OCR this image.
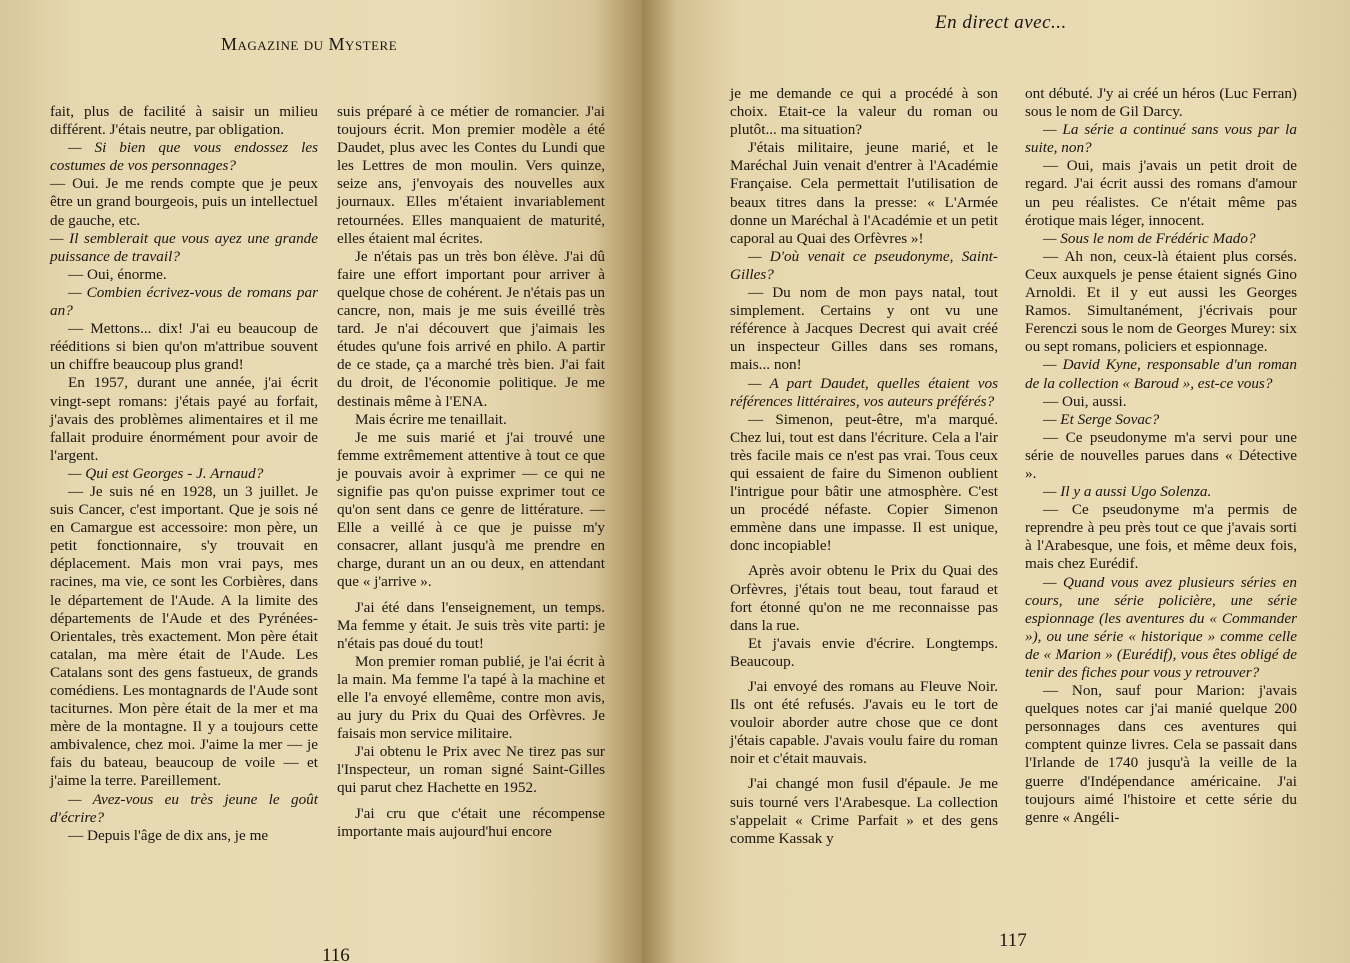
Magazine du Mystere

fait, plus de facilité à saisir un milieu différent. J'étais neutre, par obligation.

— Si bien que vous endossez les costumes de vos personnages?

— Oui. Je me rends compte que je peux être un grand bourgeois, puis un intellectuel de gauche, etc.

— Il semblerait que vous ayez une grande puissance de travail?

— Oui, énorme.

— Combien écrivez-vous de romans par an?

— Mettons... dix! J'ai eu beaucoup de rééditions si bien qu'on m'attribue souvent un chiffre beaucoup plus grand!

En 1957, durant une année, j'ai écrit vingt-sept romans: j'étais payé au forfait, j'avais des problèmes alimentaires et il me fallait produire énormément pour avoir de l'argent.

— Qui est Georges - J. Arnaud?

— Je suis né en 1928, un 3 juillet. Je suis Cancer, c'est important. Que je sois né en Camargue est accessoire: mon père, un petit fonctionnaire, s'y trouvait en déplacement. Mais mon vrai pays, mes racines, ma vie, ce sont les Corbières, dans le département de l'Aude. A la limite des départements de l'Aude et des Pyrénées-Orientales, très exactement. Mon père était catalan, ma mère était de l'Aude. Les Catalans sont des gens fastueux, de grands comédiens. Les montagnards de l'Aude sont taciturnes. Mon père était de la mer et ma mère de la montagne. Il y a toujours cette ambivalence, chez moi. J'aime la mer — je fais du bateau, beaucoup de voile — et j'aime la terre. Pareillement.

— Avez-vous eu très jeune le goût d'écrire?

— Depuis l'âge de dix ans, je me

suis préparé à ce métier de romancier. J'ai toujours écrit. Mon premier modèle a été Daudet, plus avec les Contes du Lundi que les Lettres de mon moulin. Vers quinze, seize ans, j'envoyais des nouvelles aux journaux. Elles m'étaient invariablement retournées. Elles manquaient de maturité, elles étaient mal écrites.

Je n'étais pas un très bon élève. J'ai dû faire une effort important pour arriver à quelque chose de cohérent. Je n'étais pas un cancre, non, mais je me suis éveillé très tard. Je n'ai découvert que j'aimais les études qu'une fois arrivé en philo. A partir de ce stade, ça a marché très bien. J'ai fait du droit, de l'économie politique. Je me destinais même à l'ENA.

Mais écrire me tenaillait.

Je me suis marié et j'ai trouvé une femme extrêmement attentive à tout ce que je pouvais avoir à exprimer — ce qui ne signifie pas qu'on puisse exprimer tout ce qu'on sent dans ce genre de littérature. — Elle a veillé à ce que je puisse m'y consacrer, allant jusqu'à me prendre en charge, durant un an ou deux, en attendant que « j'arrive ».

J'ai été dans l'enseignement, un temps. Ma femme y était. Je suis très vite parti: je n'étais pas doué du tout!

Mon premier roman publié, je l'ai écrit à la main. Ma femme l'a tapé à la machine et elle l'a envoyé ellemême, contre mon avis, au jury du Prix du Quai des Orfèvres. Je faisais mon service militaire.

J'ai obtenu le Prix avec Ne tirez pas sur l'Inspecteur, un roman signé Saint-Gilles qui parut chez Hachette en 1952.

J'ai cru que c'était une récompense importante mais aujourd'hui encore

116
En direct avec...

je me demande ce qui a procédé à son choix. Etait-ce la valeur du roman ou plutôt... ma situation?

J'étais militaire, jeune marié, et le Maréchal Juin venait d'entrer à l'Académie Française. Cela permettait l'utilisation de beaux titres dans la presse: « L'Armée donne un Maréchal à l'Académie et un petit caporal au Quai des Orfèvres »!

— D'où venait ce pseudonyme, Saint-Gilles?

— Du nom de mon pays natal, tout simplement. Certains y ont vu une référence à Jacques Decrest qui avait créé un inspecteur Gilles dans ses romans, mais... non!

— A part Daudet, quelles étaient vos références littéraires, vos auteurs préférés?

— Simenon, peut-être, m'a marqué. Chez lui, tout est dans l'écriture. Cela a l'air très facile mais ce n'est pas vrai. Tous ceux qui essaient de faire du Simenon oublient l'intrigue pour bâtir une atmosphère. C'est un procédé néfaste. Copier Simenon emmène dans une impasse. Il est unique, donc incopiable!

Après avoir obtenu le Prix du Quai des Orfèvres, j'étais tout beau, tout faraud et fort étonné qu'on ne me reconnaisse pas dans la rue.

Et j'avais envie d'écrire. Longtemps. Beaucoup.

J'ai envoyé des romans au Fleuve Noir. Ils ont été refusés. J'avais eu le tort de vouloir aborder autre chose que ce dont j'étais capable. J'avais voulu faire du roman noir et c'était mauvais.

J'ai changé mon fusil d'épaule. Je me suis tourné vers l'Arabesque. La collection s'appelait « Crime Parfait » et des gens comme Kassak y

ont débuté. J'y ai créé un héros (Luc Ferran) sous le nom de Gil Darcy.

— La série a continué sans vous par la suite, non?

— Oui, mais j'avais un petit droit de regard. J'ai écrit aussi des romans d'amour un peu réalistes. Ce n'était même pas érotique mais léger, innocent.

— Sous le nom de Frédéric Mado?

— Ah non, ceux-là étaient plus corsés. Ceux auxquels je pense étaient signés Gino Arnoldi. Et il y eut aussi les Georges Ramos. Simultanément, j'écrivais pour Ferenczi sous le nom de Georges Murey: six ou sept romans, policiers et espionnage.

— David Kyne, responsable d'un roman de la collection « Baroud », est-ce vous?

— Oui, aussi.

— Et Serge Sovac?

— Ce pseudonyme m'a servi pour une série de nouvelles parues dans « Détective ».

— Il y a aussi Ugo Solenza.

— Ce pseudonyme m'a permis de reprendre à peu près tout ce que j'avais sorti à l'Arabesque, une fois, et même deux fois, mais chez Eurédif.

— Quand vous avez plusieurs séries en cours, une série policière, une série espionnage (les aventures du « Commander »), ou une série « historique » comme celle de « Marion » (Eurédif), vous êtes obligé de tenir des fiches pour vous y retrouver?

— Non, sauf pour Marion: j'avais quelques notes car j'ai manié quelque 200 personnages dans ces aventures qui comptent quinze livres. Cela se passait dans l'Irlande de 1740 jusqu'à la veille de la guerre d'Indépendance américaine. J'ai toujours aimé l'histoire et cette série du genre « Angéli-

117
